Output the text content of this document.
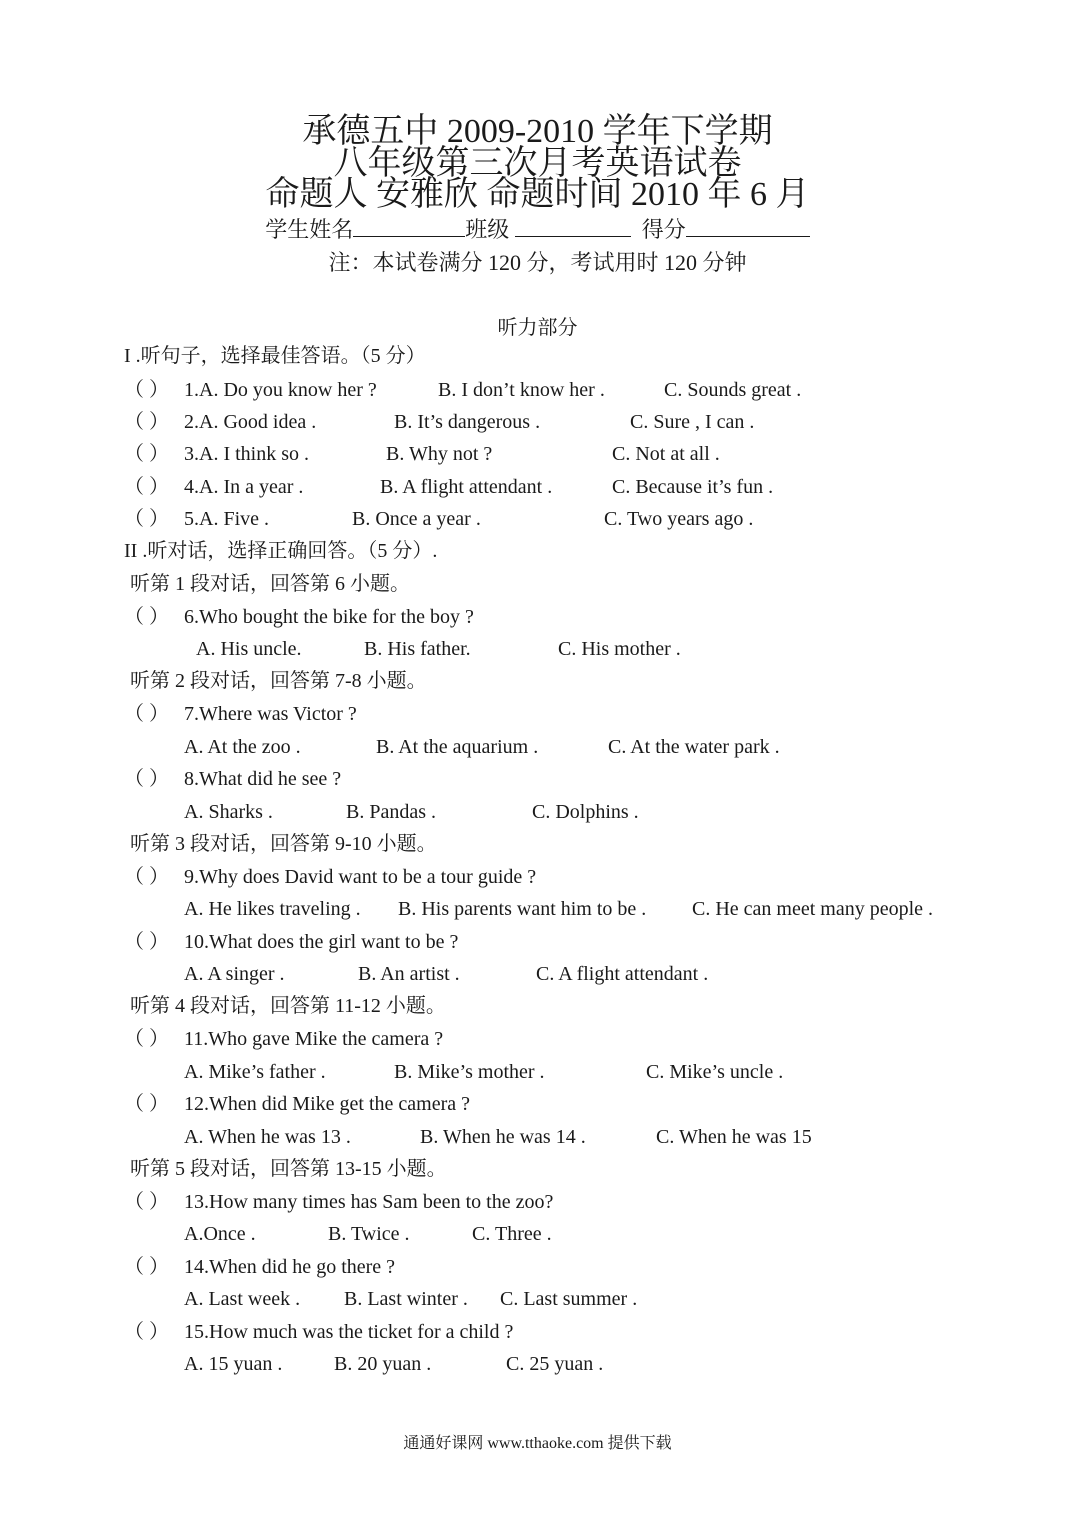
承德五中 2009-2010 学年下学期
八年级第三次月考英语试卷
命题人 安雅欣 命题时间 2010 年 6 月
学生姓名	班级	得分
注：本试卷满分 120 分，考试用时 120 分钟
听力部分
I .听句子，选择最佳答语。（5 分）
（ ） 1.A. Do you know her ?	B. I don’t know her .	C. Sounds great .
（ ） 2.A. Good idea .	B. It’s dangerous .	C. Sure , I can .
（ ） 3.A. I think so .	B. Why not ?	C. Not at all .
（ ） 4.A. In a year .	B. A flight attendant .	C. Because it’s fun .
（ ） 5.A. Five .	B. Once a year .	C. Two years ago .
II .听对话，选择正确回答。（5 分）.
听第 1 段对话，回答第 6 小题。
（ ） 6.Who bought the bike for the boy ?
A. His uncle.	B. His father.	C. His mother .
听第 2 段对话，回答第 7-8 小题。
（ ） 7.Where was Victor ?
A. At the zoo .	B. At the aquarium .	C. At the water park .
（ ） 8.What did he see ?
A. Sharks .	B. Pandas .	C. Dolphins .
听第 3 段对话，回答第 9-10 小题。
（ ） 9.Why does David want to be a tour guide ?
A. He likes traveling . B. His parents want him to be . C. He can meet many people .
（ ） 10.What does the girl want to be ?
A. A singer .	B. An artist .	C. A flight attendant .
听第 4 段对话，回答第 11-12 小题。
（ ） 11.Who gave Mike the camera ?
A. Mike’s father .	B. Mike’s mother .	C. Mike’s uncle .
（ ） 12.When did Mike get the camera ?
A. When he was 13 .	B. When he was 14 .	C. When he was 15
听第 5 段对话，回答第 13-15 小题。
（ ） 13.How many times has Sam been to the zoo?
A.Once .	B. Twice .	C. Three .
（ ） 14.When did he go there ?
A. Last week . B. Last winter . C. Last summer .
（ ） 15.How much was the ticket for a child ?
A. 15 yuan .	B. 20 yuan .	C. 25 yuan .
通通好课网 www.tthaoke.com 提供下载
